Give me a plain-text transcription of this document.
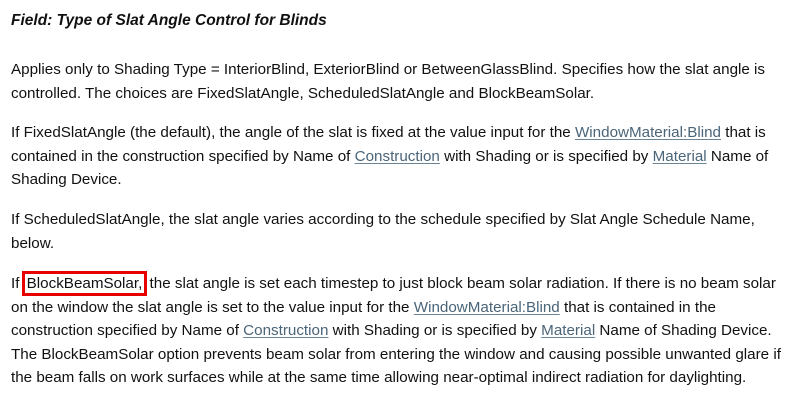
Field: Type of Slat Angle Control for Blinds

Applies only to Shading Type = InteriorBlind, ExteriorBlind or BetweenGlassBlind. Specifies how the slat angle is controlled. The choices are FixedSlatAngle, ScheduledSlatAngle and BlockBeamSolar.

If FixedSlatAngle (the default), the angle of the slat is fixed at the value input for the WindowMaterial:Blind that is contained in the construction specified by Name of Construction with Shading or is specified by Material Name of Shading Device.

If ScheduledSlatAngle, the slat angle varies according to the schedule specified by Slat Angle Schedule Name, below.

If BlockBeamSolar, the slat angle is set each timestep to just block beam solar radiation. If there is no beam solar on the window the slat angle is set to the value input for the WindowMaterial:Blind that is contained in the construction specified by Name of Construction with Shading or is specified by Material Name of Shading Device. The BlockBeamSolar option prevents beam solar from entering the window and causing possible unwanted glare if the beam falls on work surfaces while at the same time allowing near-optimal indirect radiation for daylighting.
